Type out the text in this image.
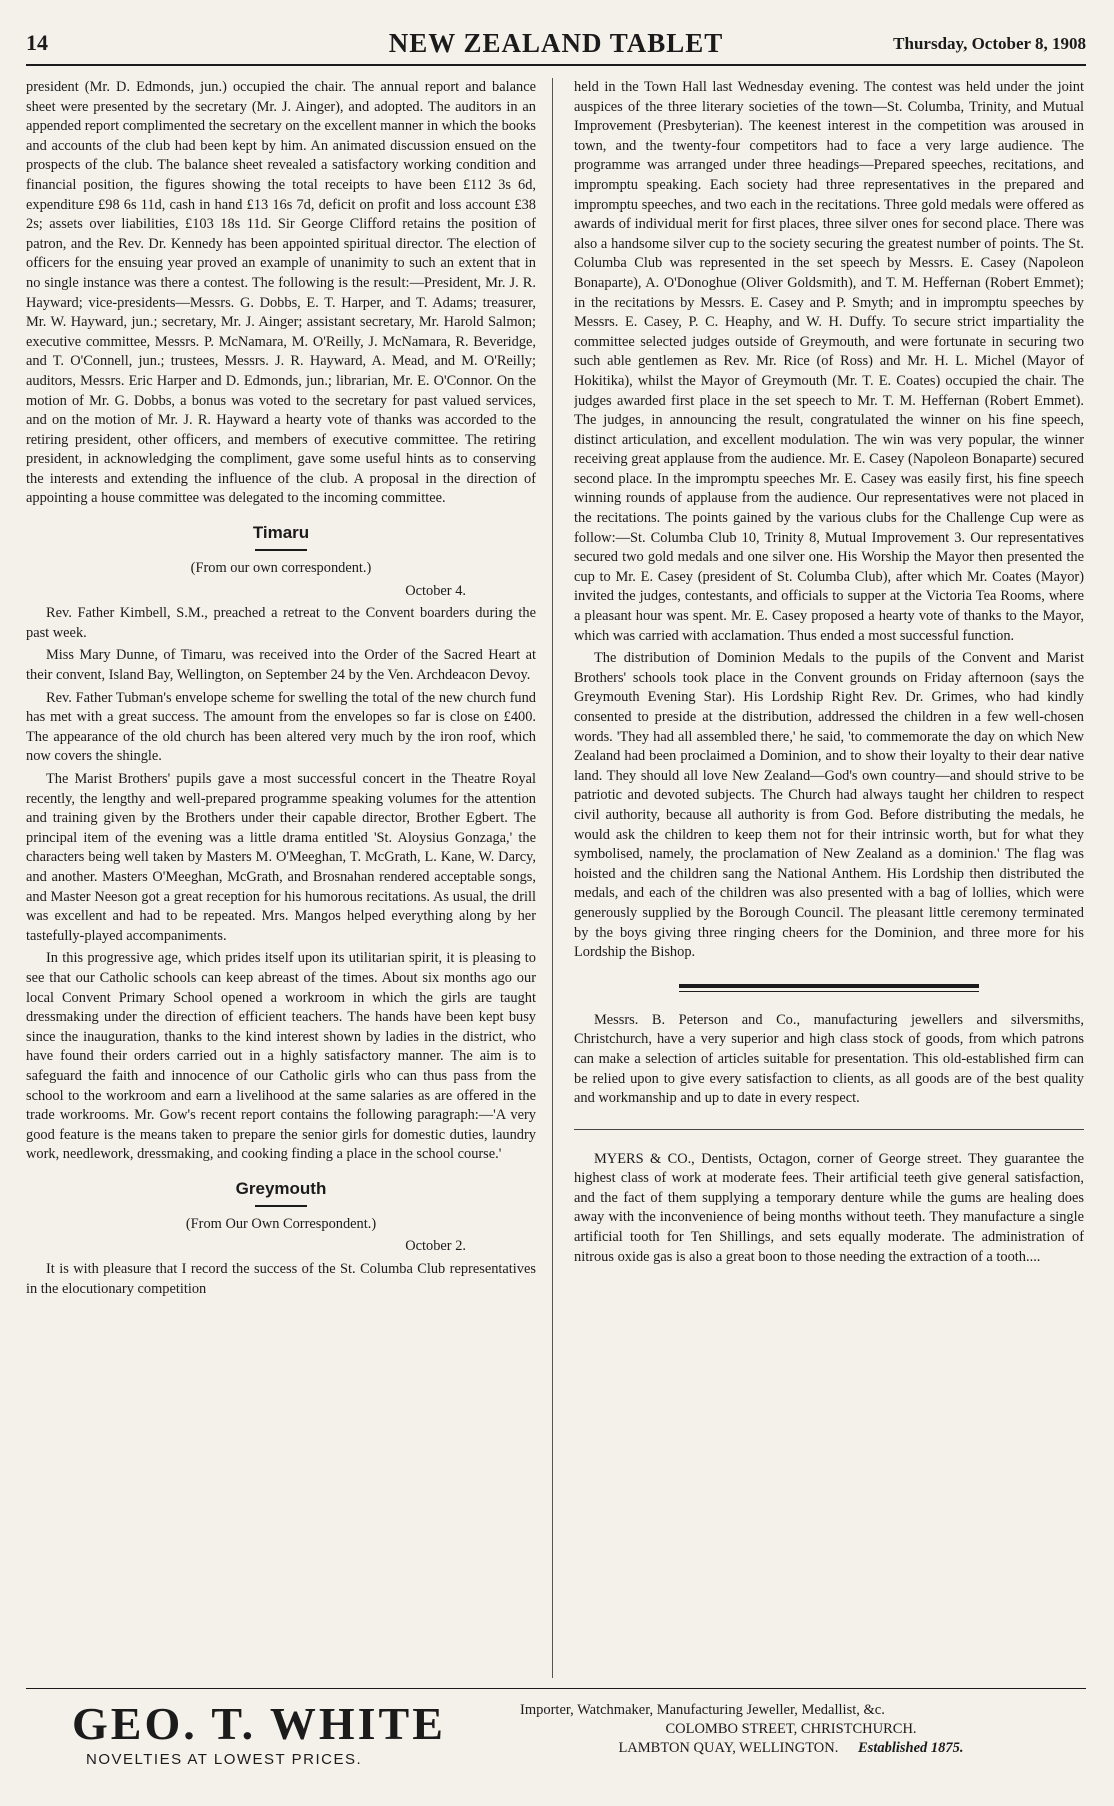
14	NEW ZEALAND TABLET	Thursday, October 8, 1908

president (Mr. D. Edmonds, jun.) occupied the chair. The annual report and balance sheet were presented by the secretary (Mr. J. Ainger), and adopted. The auditors in an appended report complimented the secretary on the excellent manner in which the books and accounts of the club had been kept by him. An animated discussion ensued on the prospects of the club. The balance sheet revealed a satisfactory working condition and financial position, the figures showing the total receipts to have been £112 3s 6d, expenditure £98 6s 11d, cash in hand £13 16s 7d, deficit on profit and loss account £38 2s; assets over liabilities, £103 18s 11d. Sir George Clifford retains the position of patron, and the Rev. Dr. Kennedy has been appointed spiritual director. The election of officers for the ensuing year proved an example of unanimity to such an extent that in no single instance was there a contest. The following is the result:—President, Mr. J. R. Hayward; vice-presidents—Messrs. G. Dobbs, E. T. Harper, and T. Adams; treasurer, Mr. W. Hayward, jun.; secretary, Mr. J. Ainger; assistant secretary, Mr. Harold Salmon; executive committee, Messrs. P. McNamara, M. O'Reilly, J. McNamara, R. Beveridge, and T. O'Connell, jun.; trustees, Messrs. J. R. Hayward, A. Mead, and M. O'Reilly; auditors, Messrs. Eric Harper and D. Edmonds, jun.; librarian, Mr. E. O'Connor. On the motion of Mr. G. Dobbs, a bonus was voted to the secretary for past valued services, and on the motion of Mr. J. R. Hayward a hearty vote of thanks was accorded to the retiring president, other officers, and members of executive committee. The retiring president, in acknowledging the compliment, gave some useful hints as to conserving the interests and extending the influence of the club. A proposal in the direction of appointing a house committee was delegated to the incoming committee.

Timaru

(From our own correspondent.)

October 4.

Rev. Father Kimbell, S.M., preached a retreat to the Convent boarders during the past week.

Miss Mary Dunne, of Timaru, was received into the Order of the Sacred Heart at their convent, Island Bay, Wellington, on September 24 by the Ven. Archdeacon Devoy.

Rev. Father Tubman's envelope scheme for swelling the total of the new church fund has met with a great success. The amount from the envelopes so far is close on £400. The appearance of the old church has been altered very much by the iron roof, which now covers the shingle.

The Marist Brothers' pupils gave a most successful concert in the Theatre Royal recently, the lengthy and well-prepared programme speaking volumes for the attention and training given by the Brothers under their capable director, Brother Egbert. The principal item of the evening was a little drama entitled 'St. Aloysius Gonzaga,' the characters being well taken by Masters M. O'Meeghan, T. McGrath, L. Kane, W. Darcy, and another. Masters O'Meeghan, McGrath, and Brosnahan rendered acceptable songs, and Master Neeson got a great reception for his humorous recitations. As usual, the drill was excellent and had to be repeated. Mrs. Mangos helped everything along by her tastefully-played accompaniments.

In this progressive age, which prides itself upon its utilitarian spirit, it is pleasing to see that our Catholic schools can keep abreast of the times. About six months ago our local Convent Primary School opened a workroom in which the girls are taught dressmaking under the direction of efficient teachers. The hands have been kept busy since the inauguration, thanks to the kind interest shown by ladies in the district, who have found their orders carried out in a highly satisfactory manner. The aim is to safeguard the faith and innocence of our Catholic girls who can thus pass from the school to the workroom and earn a livelihood at the same salaries as are offered in the trade workrooms. Mr. Gow's recent report contains the following paragraph:—'A very good feature is the means taken to prepare the senior girls for domestic duties, laundry work, needlework, dressmaking, and cooking finding a place in the school course.'

Greymouth

(From Our Own Correspondent.)

October 2.

It is with pleasure that I record the success of the St. Columba Club representatives in the elocutionary competition

held in the Town Hall last Wednesday evening. The contest was held under the joint auspices of the three literary societies of the town—St. Columba, Trinity, and Mutual Improvement (Presbyterian). The keenest interest in the competition was aroused in town, and the twenty-four competitors had to face a very large audience. The programme was arranged under three headings—Prepared speeches, recitations, and impromptu speaking. Each society had three representatives in the prepared and impromptu speeches, and two each in the recitations. Three gold medals were offered as awards of individual merit for first places, three silver ones for second place. There was also a handsome silver cup to the society securing the greatest number of points. The St. Columba Club was represented in the set speech by Messrs. E. Casey (Napoleon Bonaparte), A. O'Donoghue (Oliver Goldsmith), and T. M. Heffernan (Robert Emmet); in the recitations by Messrs. E. Casey and P. Smyth; and in impromptu speeches by Messrs. E. Casey, P. C. Heaphy, and W. H. Duffy. To secure strict impartiality the committee selected judges outside of Greymouth, and were fortunate in securing two such able gentlemen as Rev. Mr. Rice (of Ross) and Mr. H. L. Michel (Mayor of Hokitika), whilst the Mayor of Greymouth (Mr. T. E. Coates) occupied the chair. The judges awarded first place in the set speech to Mr. T. M. Heffernan (Robert Emmet). The judges, in announcing the result, congratulated the winner on his fine speech, distinct articulation, and excellent modulation. The win was very popular, the winner receiving great applause from the audience. Mr. E. Casey (Napoleon Bonaparte) secured second place. In the impromptu speeches Mr. E. Casey was easily first, his fine speech winning rounds of applause from the audience. Our representatives were not placed in the recitations. The points gained by the various clubs for the Challenge Cup were as follow:—St. Columba Club 10, Trinity 8, Mutual Improvement 3. Our representatives secured two gold medals and one silver one. His Worship the Mayor then presented the cup to Mr. E. Casey (president of St. Columba Club), after which Mr. Coates (Mayor) invited the judges, contestants, and officials to supper at the Victoria Tea Rooms, where a pleasant hour was spent. Mr. E. Casey proposed a hearty vote of thanks to the Mayor, which was carried with acclamation. Thus ended a most successful function.

The distribution of Dominion Medals to the pupils of the Convent and Marist Brothers' schools took place in the Convent grounds on Friday afternoon (says the Greymouth Evening Star). His Lordship Right Rev. Dr. Grimes, who had kindly consented to preside at the distribution, addressed the children in a few well-chosen words. 'They had all assembled there,' he said, 'to commemorate the day on which New Zealand had been proclaimed a Dominion, and to show their loyalty to their dear native land. They should all love New Zealand—God's own country—and should strive to be patriotic and devoted subjects. The Church had always taught her children to respect civil authority, because all authority is from God. Before distributing the medals, he would ask the children to keep them not for their intrinsic worth, but for what they symbolised, namely, the proclamation of New Zealand as a dominion.' The flag was hoisted and the children sang the National Anthem. His Lordship then distributed the medals, and each of the children was also presented with a bag of lollies, which were generously supplied by the Borough Council. The pleasant little ceremony terminated by the boys giving three ringing cheers for the Dominion, and three more for his Lordship the Bishop.

Messrs. B. Peterson and Co., manufacturing jewellers and silversmiths, Christchurch, have a very superior and high class stock of goods, from which patrons can make a selection of articles suitable for presentation. This old-established firm can be relied upon to give every satisfaction to clients, as all goods are of the best quality and workmanship and up to date in every respect.

MYERS & CO., Dentists, Octagon, corner of George street. They guarantee the highest class of work at moderate fees. Their artificial teeth give general satisfaction, and the fact of them supplying a temporary denture while the gums are healing does away with the inconvenience of being months without teeth. They manufacture a single artificial tooth for Ten Shillings, and sets equally moderate. The administration of nitrous oxide gas is also a great boon to those needing the extraction of a tooth....

GEO. T. WHITE
NOVELTIES AT LOWEST PRICES.
Importer, Watchmaker, Manufacturing Jeweller, Medallist, &c.
COLOMBO STREET, CHRISTCHURCH.
LAMBTON QUAY, WELLINGTON. Established 1875.
